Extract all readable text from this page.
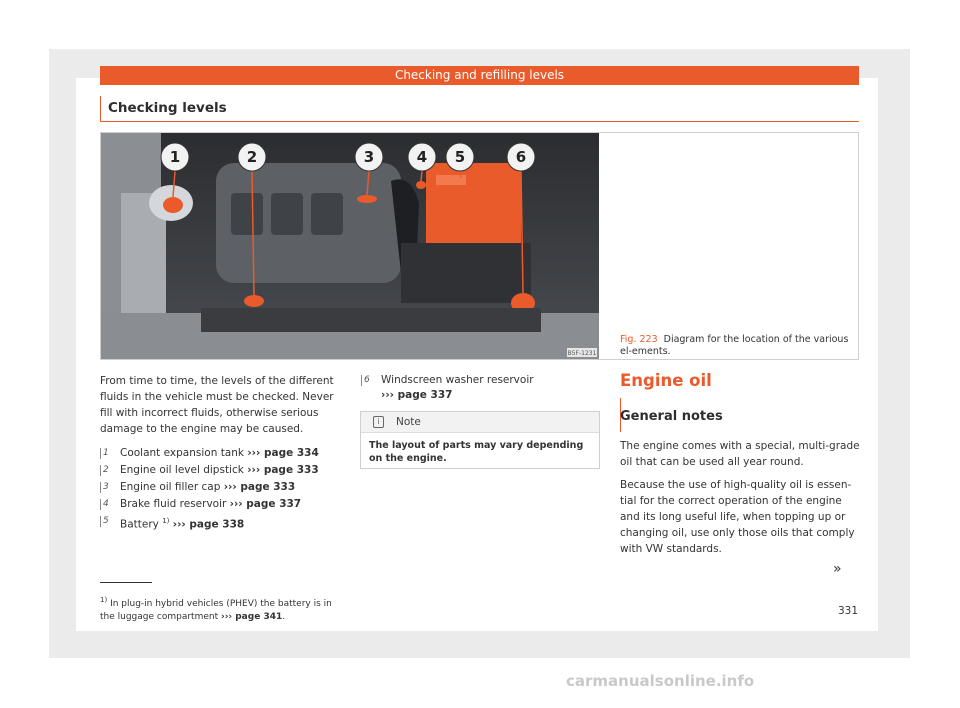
Checking and refilling levels
Checking levels
1	2	3	4 5	6
B5F-1231
Fig. 223 Diagram for the location of the various el-ements.

From time to time, the levels of the different fluids in the vehicle must be checked. Never fill with incorrect fluids, otherwise serious damage to the engine may be caused.

1 Coolant expansion tank ››› page 334
2 Engine oil level dipstick ››› page 333
3 Engine oil filler cap ››› page 333
4 Brake fluid reservoir ››› page 337
5 Battery $^{1)}$ ››› page 338
6 Windscreen washer reservoir
››› page 337
i Note
The layout of parts may vary depending on the engine.
Engine oil
General notes

The engine comes with a special, multi-grade oil that can be used all year round.

Because the use of high-quality oil is essen-tial for the correct operation of the engine and its long useful life, when topping up or changing oil, use only those oils that comply with VW standards.

»
$^{1)}$ In plug-in hybrid vehicles (PHEV) the battery is in the luggage compartment ››› page 341.	331
carmanualsonline.info
